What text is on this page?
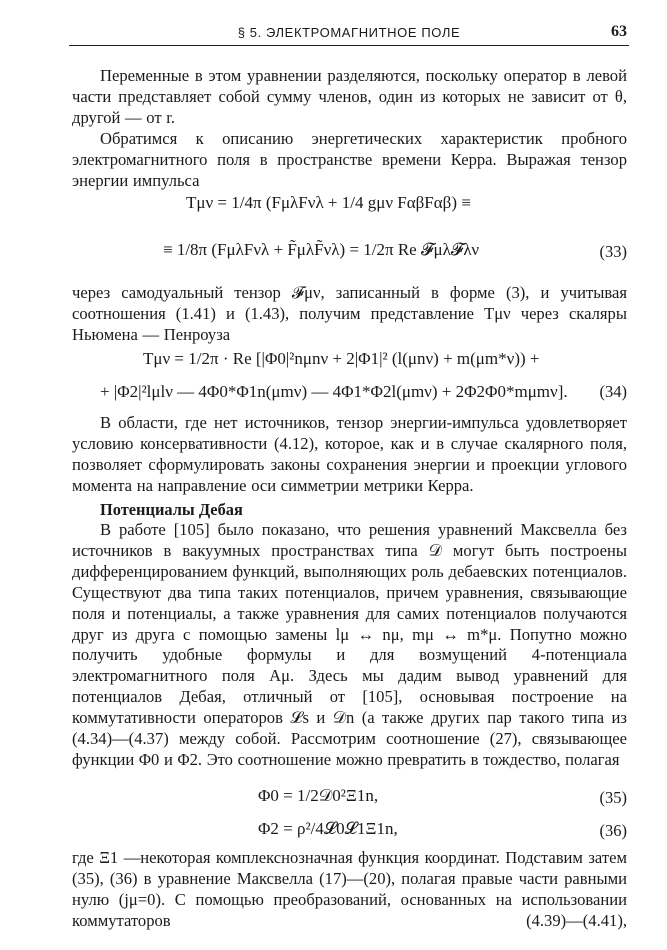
§ 5. ЭЛЕКТРОМАГНИТНОЕ ПОЛЕ	63

Переменные в этом уравнении разделяются, поскольку оператор в левой части представляет собой сумму членов, один из которых не зависит от θ, другой — от r.

Обратимся к описанию энергетических характеристик пробного электромагнитного поля в пространстве времени Керра. Выражая тензор энергии импульса

Tμν = 1/4π (FμλFνλ + 1/4 gμν FαβFαβ) ≡
≡ 1/8π (FμλFνλ + F̃μλF̃νλ) = 1/2π Re 𝓕μλ𝓕λν	(33)

через самодуальный тензор 𝓕μν, записанный в форме (3), и учитывая соотношения (1.41) и (1.43), получим представление Tμν через скаляры Ньюмена — Пенроуза

Tμν = 1/2π · Re [|Φ0|²nμnν + 2|Φ1|² (l(μnν) + m(μm*ν)) +
+ |Φ2|²lμlν — 4Φ0*Φ1n(μmν) — 4Φ1*Φ2l(μmν) + 2Φ2Φ0*mμmν]. (34)

В области, где нет источников, тензор энергии-импульса удовлетворяет условию консервативности (4.12), которое, как и в случае скалярного поля, позволяет сформулировать законы сохранения энергии и проекции углового момента на направление оси симметрии метрики Керра.

Потенциалы Дебая

В работе [105] было показано, что решения уравнений Максвелла без источников в вакуумных пространствах типа 𝒟 могут быть построены дифференцированием функций, выполняющих роль дебаевских потенциалов. Существуют два типа таких потенциалов, причем уравнения, связывающие поля и потенциалы, а также уравнения для самих потенциалов получаются друг из друга с помощью замены lμ ↔ nμ, mμ ↔ m*μ. Попутно можно получить удобные формулы и для возмущений 4-потенциала электромагнитного поля Aμ. Здесь мы дадим вывод уравнений для потенциалов Дебая, отличный от [105], основывая построение на коммутативности операторов 𝓛s и 𝒟n (а также других пар такого типа из (4.34)—(4.37) между собой. Рассмотрим соотношение (27), связывающее функции Φ0 и Φ2. Это соотношение можно превратить в тождество, полагая

Φ0 = 1/2𝒟0²Ξ1n,	(35)
Φ2 = ρ²/4𝓛0𝓛1Ξ1n,	(36)

где Ξ1 —некоторая комплекснозначная функция координат. Подставим затем (35), (36) в уравнение Максвелла (17)—(20), полагая правые части равными нулю (jμ=0). С помощью преобразований, основанных на использовании коммутаторов (4.39)—(4.41),
